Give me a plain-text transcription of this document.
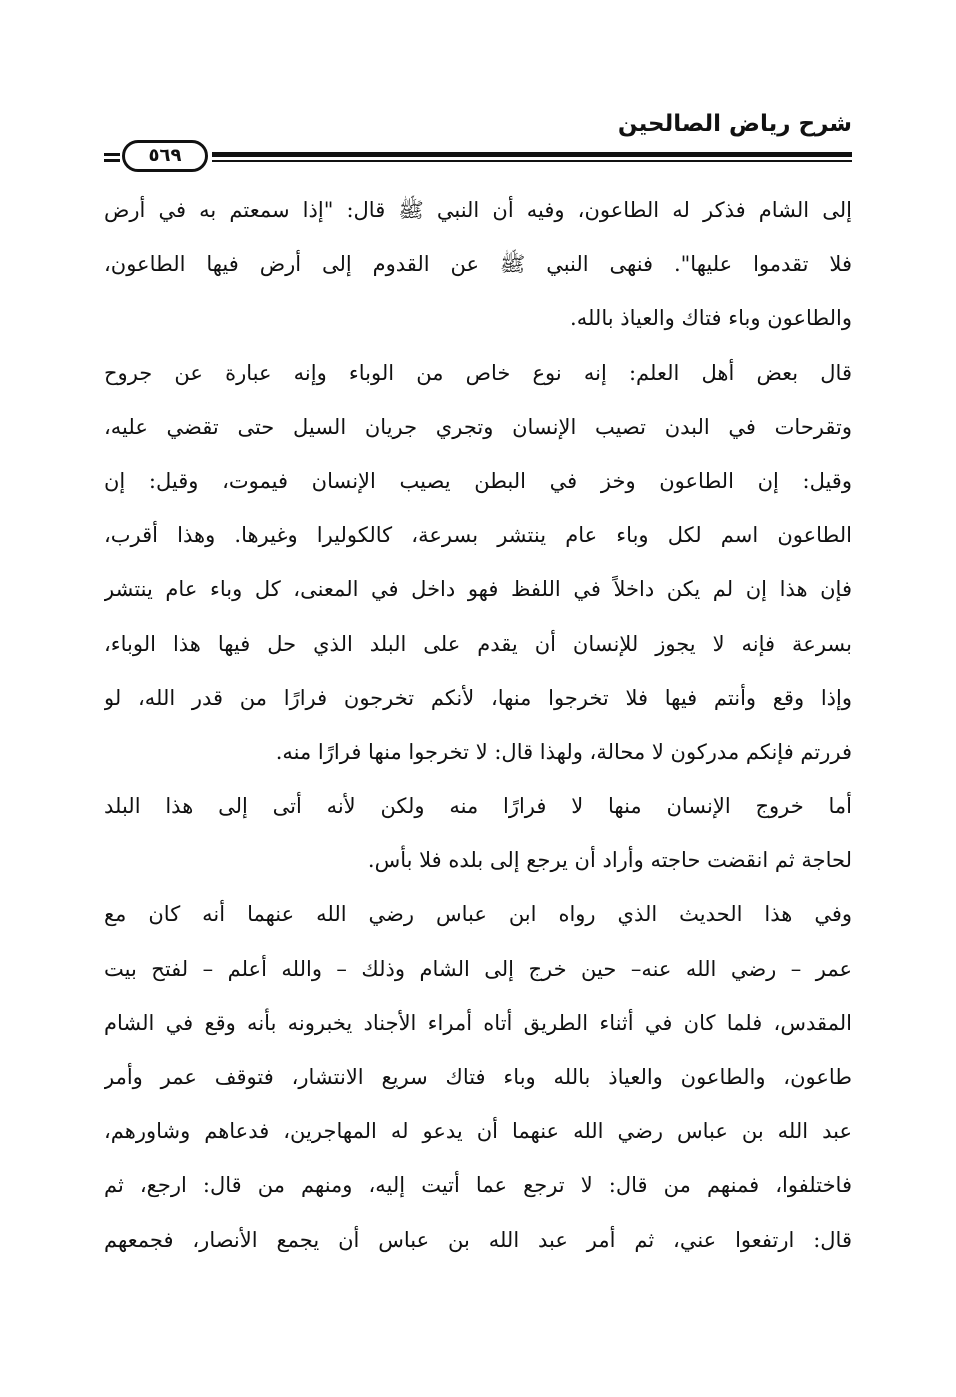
شرح رياض الصالحين
٥٦٩
إلى الشام فذكر له الطاعون، وفيه أن النبي ﷺ قال: "إذا سمعتم به في أرض
فلا تقدموا عليها". فنهى النبي ﷺ عن القدوم إلى أرض فيها الطاعون،
والطاعون وباء فتاك والعياذ بالله.
قال بعض أهل العلم: إنه نوع خاص من الوباء وإنه عبارة عن جروح
وتقرحات في البدن تصيب الإنسان وتجري جريان السيل حتى تقضي عليه،
وقيل: إن الطاعون وخز في البطن يصيب الإنسان فيموت، وقيل: إن
الطاعون اسم لكل وباء عام ينتشر بسرعة، كالكوليرا وغيرها. وهذا أقرب،
فإن هذا إن لم يكن داخلاً في اللفظ فهو داخل في المعنى، كل وباء عام ينتشر
بسرعة فإنه لا يجوز للإنسان أن يقدم على البلد الذي حل فيها هذا الوباء،
وإذا وقع وأنتم فيها فلا تخرجوا منها، لأنكم تخرجون فرارًا من قدر الله، لو
فررتم فإنكم مدركون لا محالة، ولهذا قال: لا تخرجوا منها فرارًا منه.
أما خروج الإنسان منها لا فرارًا منه ولكن لأنه أتى إلى هذا البلد
لحاجة ثم انقضت حاجته وأراد أن يرجع إلى بلده فلا بأس.
وفي هذا الحديث الذي رواه ابن عباس رضي الله عنهما أنه كان مع
عمر – رضي الله عنه– حين خرج إلى الشام وذلك – والله أعلم – لفتح بيت
المقدس، فلما كان في أثناء الطريق أتاه أمراء الأجناد يخبرونه بأنه وقع في الشام
طاعون، والطاعون والعياذ بالله وباء فتاك سريع الانتشار، فتوقف عمر وأمر
عبد الله بن عباس رضي الله عنهما أن يدعو له المهاجرين، فدعاهم وشاورهم،
فاختلفوا، فمنهم من قال: لا ترجع عما أتيت إليه، ومنهم من قال: ارجع، ثم
قال: ارتفعوا عني، ثم أمر عبد الله بن عباس أن يجمع الأنصار، فجمعهم
